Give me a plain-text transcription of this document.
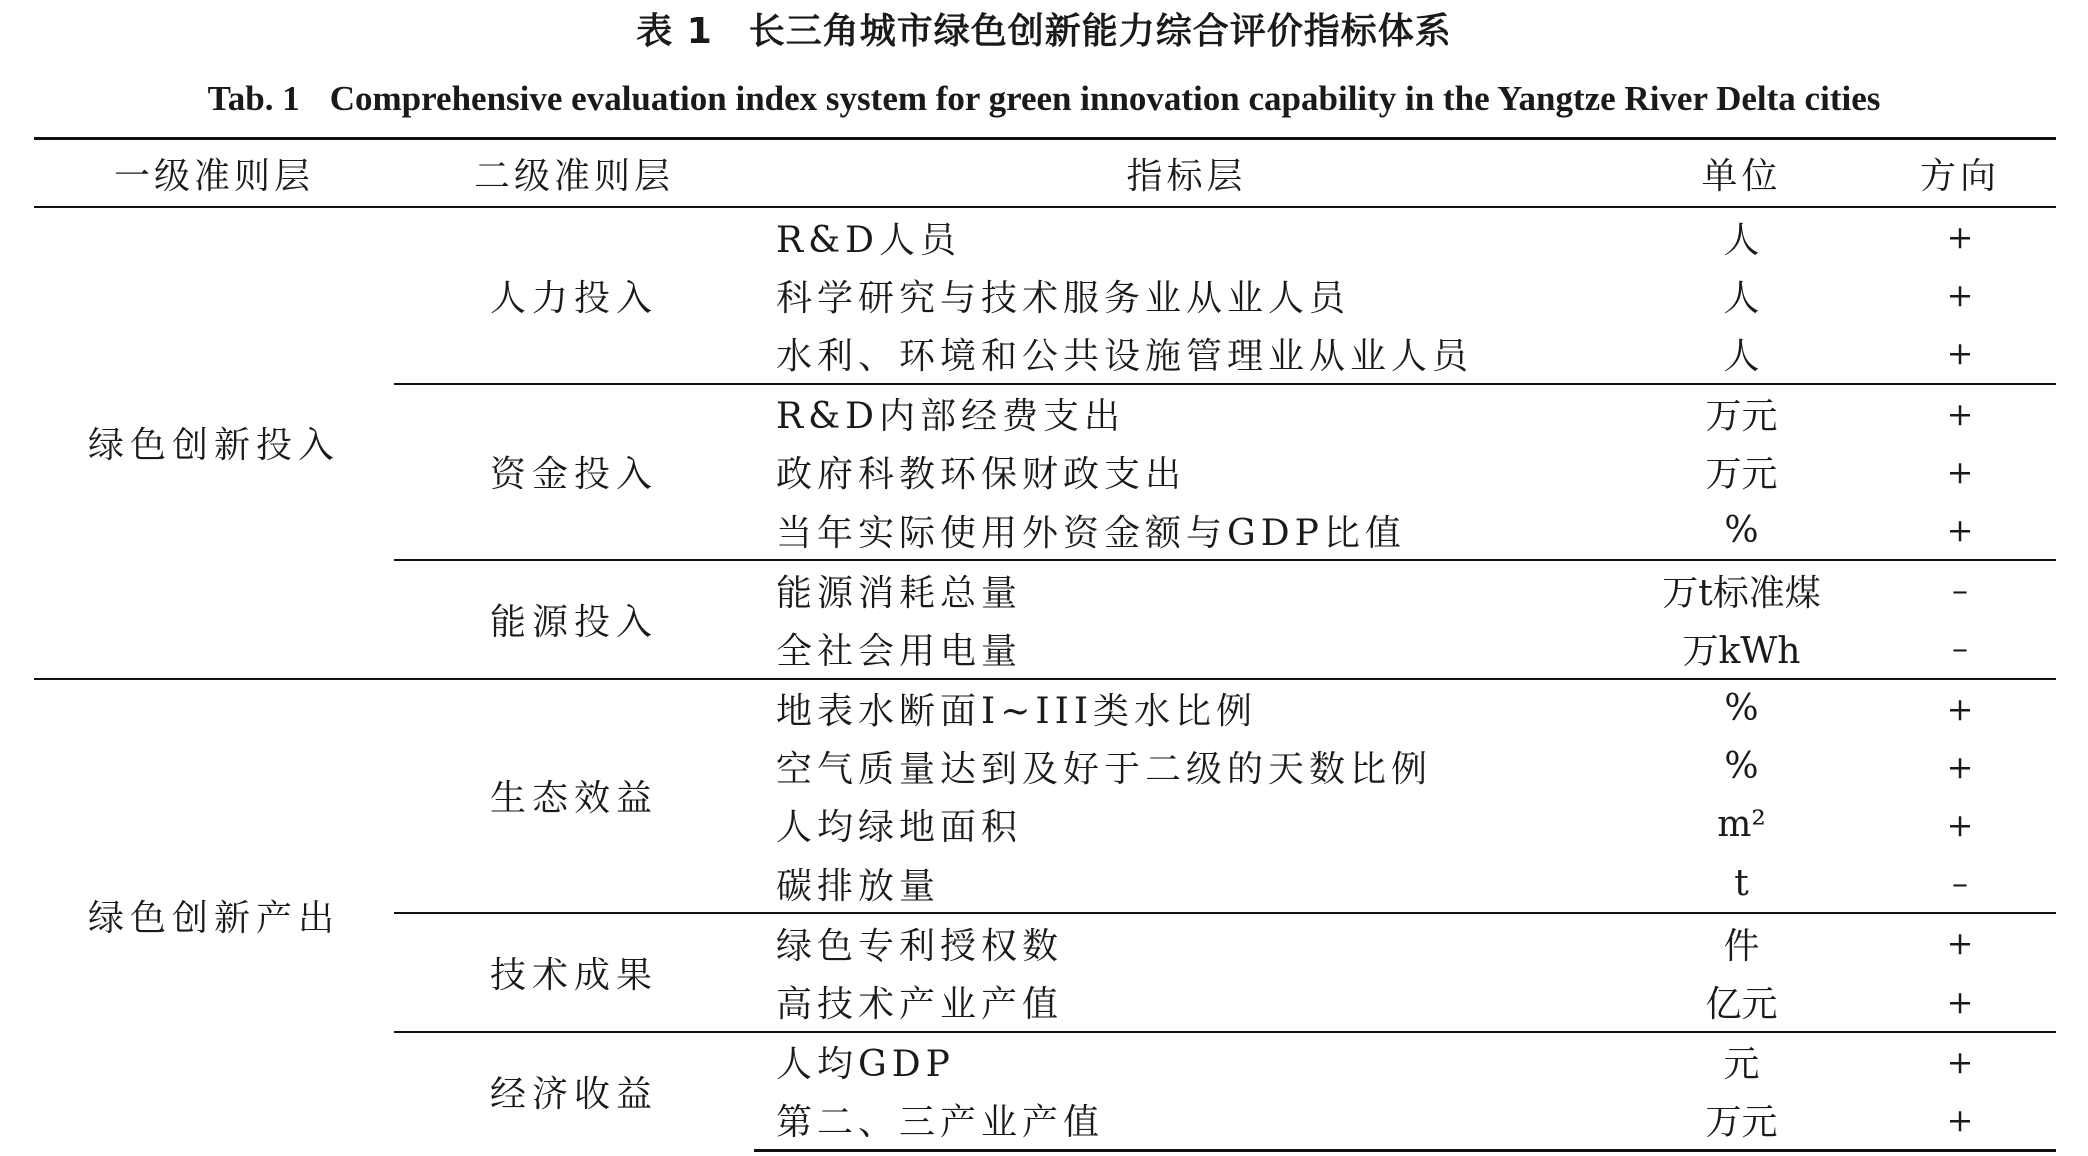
表 1 长三角城市绿色创新能力综合评价指标体系
Tab. 1 Comprehensive evaluation index system for green innovation capability in the Yangtze River Delta cities
一级准则层	二级准则层	指标层	单位	方向
绿色创新投入	人力投入	R&D人员	人	+
		科学研究与技术服务业从业人员	人	+
		水利、环境和公共设施管理业从业人员	人	+
	资金投入	R&D内部经费支出	万元	+
		政府科教环保财政支出	万元	+
		当年实际使用外资金额与GDP比值	%	+
	能源投入	能源消耗总量	万t标准煤	–
		全社会用电量	万kWh	–
绿色创新产出	生态效益	地表水断面I~III类水比例	%	+
		空气质量达到及好于二级的天数比例	%	+
		人均绿地面积	m²	+
		碳排放量	t	–
	技术成果	绿色专利授权数	件	+
		高技术产业产值	亿元	+
	经济收益	人均GDP	元	+
		第二、三产业产值	万元	+
